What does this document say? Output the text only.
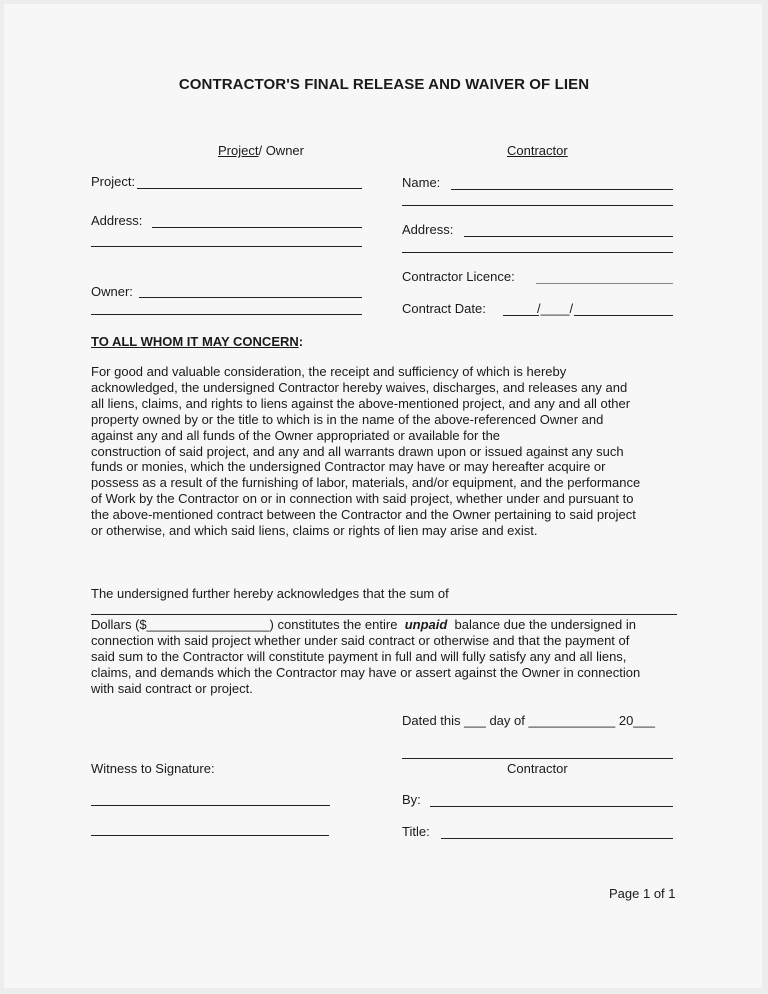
CONTRACTOR'S FINAL RELEASE AND WAIVER OF LIEN
Project/ Owner	Contractor
Project:
Address:
Owner:
Name:
Address:
Contractor Licence:
Contract Date:	/____/
TO ALL WHOM IT MAY CONCERN:
For good and valuable consideration, the receipt and sufficiency of which is hereby
acknowledged, the undersigned Contractor hereby waives, discharges, and releases any and
all liens, claims, and rights to liens against the above-mentioned project, and any and all other
property owned by or the title to which is in the name of the above-referenced Owner and
against any and all funds of the Owner appropriated or available for the
construction of said project, and any and all warrants drawn upon or issued against any such
funds or monies, which the undersigned Contractor may have or may hereafter acquire or
possess as a result of the furnishing of labor, materials, and/or equipment, and the performance
of Work by the Contractor on or in connection with said project, whether under and pursuant to
the above-mentioned contract between the Contractor and the Owner pertaining to said project
or otherwise, and which said liens, claims or rights of lien may arise and exist.
The undersigned further hereby acknowledges that the sum of
Dollars ($_________________) constitutes the entire unpaid balance due the undersigned in
connection with said project whether under said contract or otherwise and that the payment of
said sum to the Contractor will constitute payment in full and will fully satisfy any and all liens,
claims, and demands which the Contractor may have or assert against the Owner in connection
with said contract or project.
Dated this ___ day of ____________ 20___
Contractor
Witness to Signature:
By:
Title:
Page 1 of 1
